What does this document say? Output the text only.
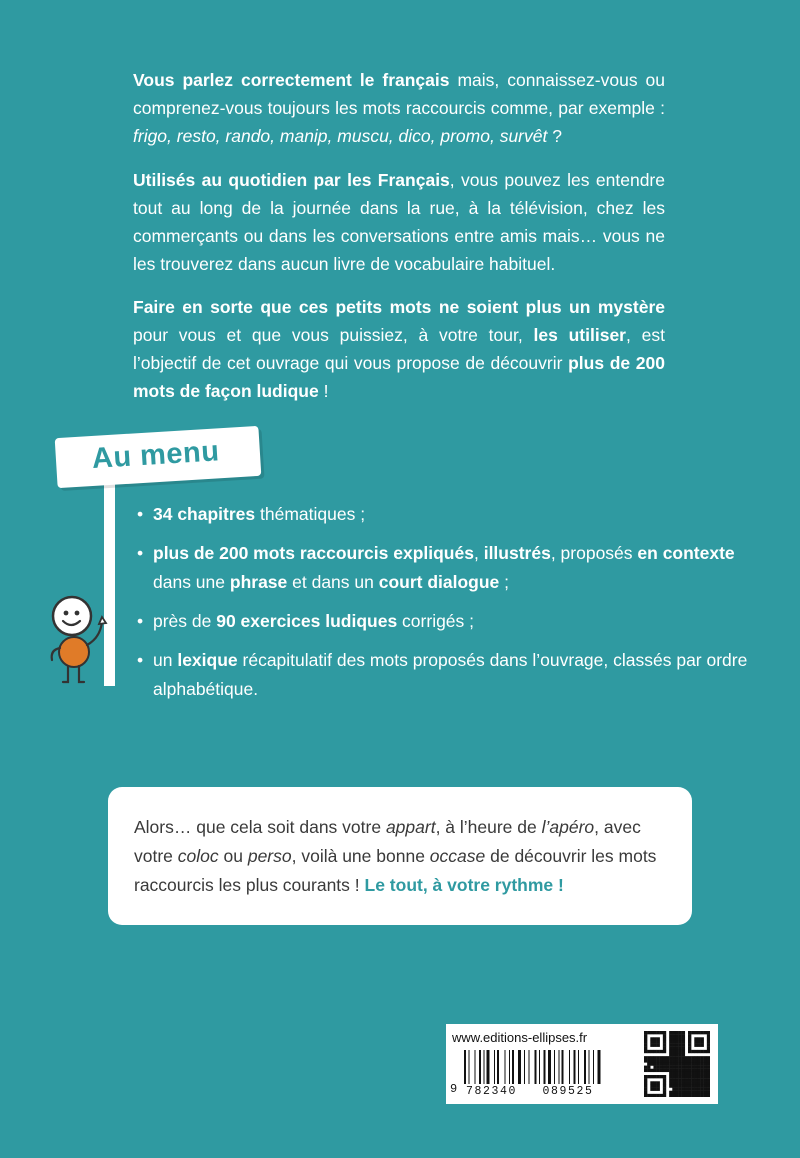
Vous parlez correctement le français mais, connaissez-vous ou comprenez-vous toujours les mots raccourcis comme, par exemple : frigo, resto, rando, manip, muscu, dico, promo, survêt ?

Utilisés au quotidien par les Français, vous pouvez les entendre tout au long de la journée dans la rue, à la télévision, chez les commerçants ou dans les conversations entre amis mais… vous ne les trouverez dans aucun livre de vocabulaire habituel.

Faire en sorte que ces petits mots ne soient plus un mystère pour vous et que vous puissiez, à votre tour, les utiliser, est l’objectif de cet ouvrage qui vous propose de découvrir plus de 200 mots de façon ludique !

Au menu
• 34 chapitres thématiques ;
• plus de 200 mots raccourcis expliqués, illustrés, proposés en contexte dans une phrase et dans un court dialogue ;
• près de 90 exercices ludiques corrigés ;
• un lexique récapitulatif des mots proposés dans l’ouvrage, classés par ordre alphabétique.

Alors… que cela soit dans votre appart, à l’heure de l’apéro, avec votre coloc ou perso, voilà une bonne occase de découvrir les mots raccourcis les plus courants ! Le tout, à votre rythme !

www.editions-ellipses.fr
9 782340   089525
